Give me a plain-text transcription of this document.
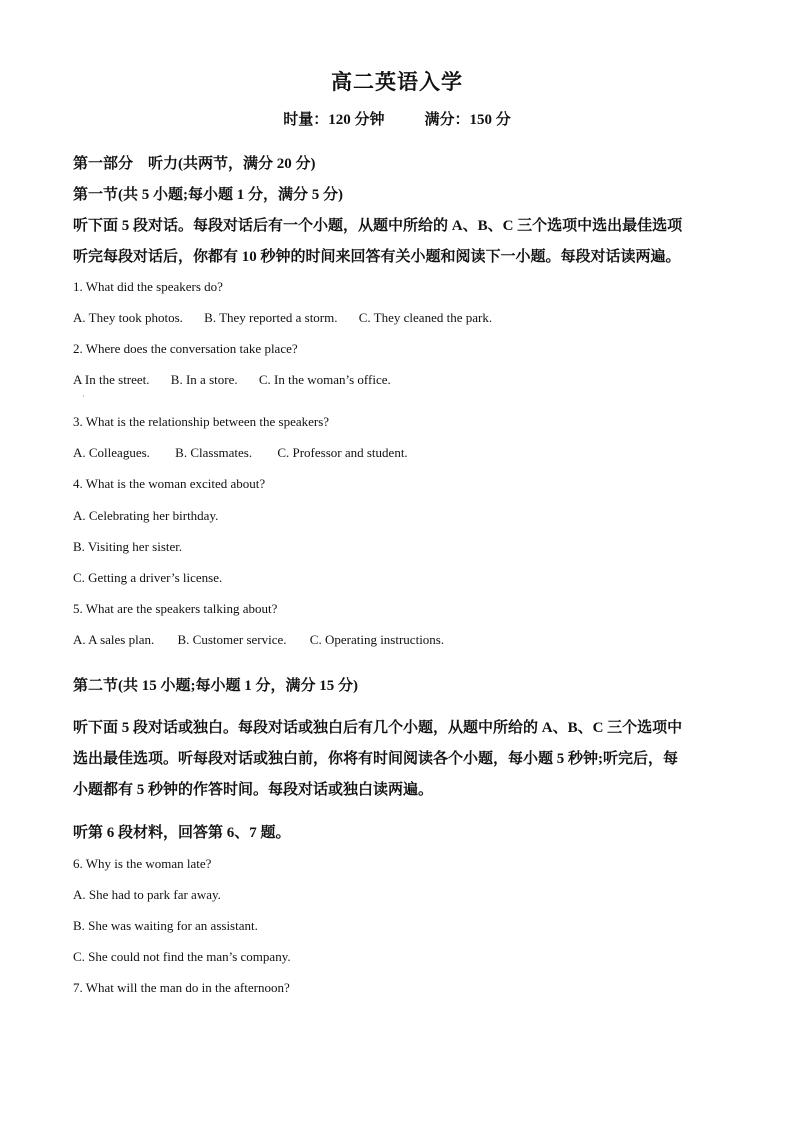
高二英语入学
时量：120 分钟	满分：150 分
第一部分　听力(共两节，满分 20 分)
第一节(共 5 小题;每小题 1 分，满分 5 分)
听下面 5 段对话。每段对话后有一个小题，从题中所给的 A、B、C 三个选项中选出最佳选项
听完每段对话后，你都有 10 秒钟的时间来回答有关小题和阅读下一小题。每段对话读两遍。
1. What did the speakers do?
A. They took photos. B. They reported a storm. C. They cleaned the park.
2. Where does the conversation take place?
A In the street. B. In a store. C. In the woman’s office.
·
3. What is the relationship between the speakers?
A. Colleagues. B. Classmates. C. Professor and student.
4. What is the woman excited about?
A. Celebrating her birthday.
B. Visiting her sister.
C. Getting a driver’s license.
5. What are the speakers talking about?
A. A sales plan. B. Customer service. C. Operating instructions.
第二节(共 15 小题;每小题 1 分，满分 15 分)
听下面 5 段对话或独白。每段对话或独白后有几个小题，从题中所给的 A、B、C 三个选项中
选出最佳选项。听每段对话或独白前，你将有时间阅读各个小题，每小题 5 秒钟;听完后，每
小题都有 5 秒钟的作答时间。每段对话或独白读两遍。
听第 6 段材料，回答第 6、7 题。
6. Why is the woman late?
A. She had to park far away.
B. She was waiting for an assistant.
C. She could not find the man’s company.
7. What will the man do in the afternoon?
